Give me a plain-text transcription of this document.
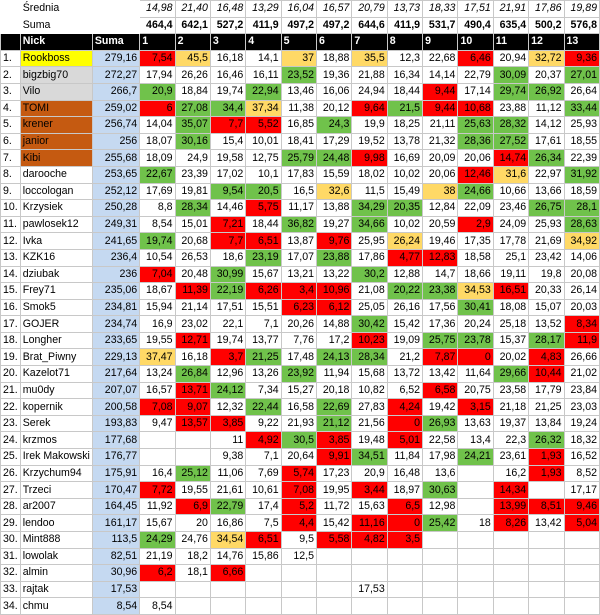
	Średnia		14,98	21,40	16,48	13,29	16,04	16,57	20,79	13,73	18,33	17,51	21,91	17,86	19,89
	Suma		464,4	642,1	527,2	411,9	497,2	497,2	644,6	411,9	531,7	490,4	635,4	500,2	576,8
	Nick	Suma	1	2	3	4	5	6	7	8	9	10	11	12	13
1.	Rookboss	279,16	7,54	45,5	16,18	14,1	37	18,88	35,5	12,3	22,68	6,46	20,94	32,72	9,36
2.	bigzbig70	272,27	17,94	26,26	16,46	16,11	23,52	19,36	21,88	16,34	14,14	22,79	30,09	20,37	27,01
3.	Vilo	266,7	20,9	18,84	19,74	22,94	13,46	16,06	24,94	18,44	9,44	17,14	29,74	26,92	26,64
4.	TOMI	259,02	6	27,08	34,4	37,34	11,38	20,12	9,64	21,5	9,44	10,68	23,88	11,12	33,44
5.	krener	256,74	14,04	35,07	7,7	5,52	16,85	24,3	19,9	18,25	21,11	25,63	28,32	14,12	25,93
6.	janior	256	18,07	30,16	15,4	10,01	18,41	17,29	19,52	13,78	21,32	28,36	27,52	17,61	18,55
7.	Kibi	255,68	18,09	24,9	19,58	12,75	25,79	24,48	9,98	16,69	20,09	20,06	14,74	26,34	22,39
8.	darooche	253,65	22,67	23,39	17,02	10,1	17,83	15,59	18,02	10,02	20,06	12,46	31,6	22,97	31,92
9.	loccologan	252,12	17,69	19,81	9,54	20,5	16,5	32,6	11,5	15,49	38	24,66	10,66	13,66	18,59
10.	Krzysiek	250,28	8,8	28,34	14,46	5,75	11,17	13,88	34,29	20,35	12,84	22,09	23,46	26,75	28,1
11.	pawlosek12	249,31	8,54	15,01	7,21	18,44	36,82	19,27	34,66	10,02	20,59	2,9	24,09	25,93	28,63
12.	Ivka	241,65	19,74	20,68	7,7	6,51	13,87	9,76	25,95	26,24	19,46	17,35	17,78	21,69	34,92
13.	KZK16	236,4	10,54	26,53	18,6	23,19	17,07	23,88	17,86	4,77	12,83	18,58	25,1	23,42	14,06
14.	dziubak	236	7,04	20,48	30,99	15,67	13,21	13,22	30,2	12,88	14,7	18,66	19,11	19,8	20,08
15.	Frey71	235,06	18,67	11,39	22,19	6,26	3,4	10,96	21,08	20,22	23,38	34,53	16,51	20,33	26,14
16.	Smok5	234,81	15,94	21,14	17,51	15,51	6,23	6,12	25,05	26,16	17,56	30,41	18,08	15,07	20,03
17.	GOJER	234,74	16,9	23,02	22,1	7,1	20,26	14,88	30,42	15,42	17,36	20,24	25,18	13,52	8,34
18.	Longher	233,65	19,55	12,71	19,74	13,77	7,76	17,2	10,23	19,09	25,75	23,78	15,37	28,17	11,9
19.	Brat_Piwny	229,13	37,47	16,18	3,7	21,25	17,48	24,13	28,34	21,2	7,87	0	20,02	4,83	26,66
20.	Kazelot71	217,64	13,24	26,84	12,96	13,26	23,92	11,94	15,68	13,72	13,42	11,64	29,66	10,44	21,02
21.	mu0dy	207,07	16,57	13,71	24,12	7,34	15,27	20,18	10,82	6,52	6,58	20,75	23,58	17,79	23,84
22.	kopernik	200,58	7,08	9,07	12,32	22,44	16,58	22,69	27,83	4,24	19,42	3,15	21,18	21,25	23,03
23.	Serek	193,83	9,47	13,57	3,85	9,22	21,93	21,12	21,56	0	26,93	13,63	19,37	13,84	19,24
24.	krzmos	177,68			11	4,92	30,5	3,85	19,48	5,01	22,58	13,4	22,3	26,32	18,32
25.	Irek Makowski	176,77			9,38	7,1	20,64	9,91	34,51	11,84	17,98	24,21	23,61	1,93	16,52
26.	Krzychum94	175,91	16,4	25,12	11,06	7,69	5,74	17,23	20,9	16,48	13,6		16,2	1,93	8,52
27.	Trzeci	170,47	7,72	19,55	21,61	10,61	7,08	19,95	3,44	18,97	30,63		14,34		17,17
28.	ar2007	164,45	11,92	6,9	22,79	17,4	5,2	11,72	15,63	6,5	12,98		13,99	8,51	9,46
29.	lendoo	161,17	15,67	20	16,86	7,5	4,4	15,42	11,16	0	25,42	18	8,26	13,42	5,04
30.	Mint888	113,5	24,29	24,76	34,54	6,51	9,5	5,58	4,82	3,5					
31.	lowolak	82,51	21,19	18,2	14,76	15,86	12,5								
32.	almin	30,96	6,2	18,1	6,66										
33.	rajtak	17,53							17,53						
34.	chmu	8,54	8,54												
